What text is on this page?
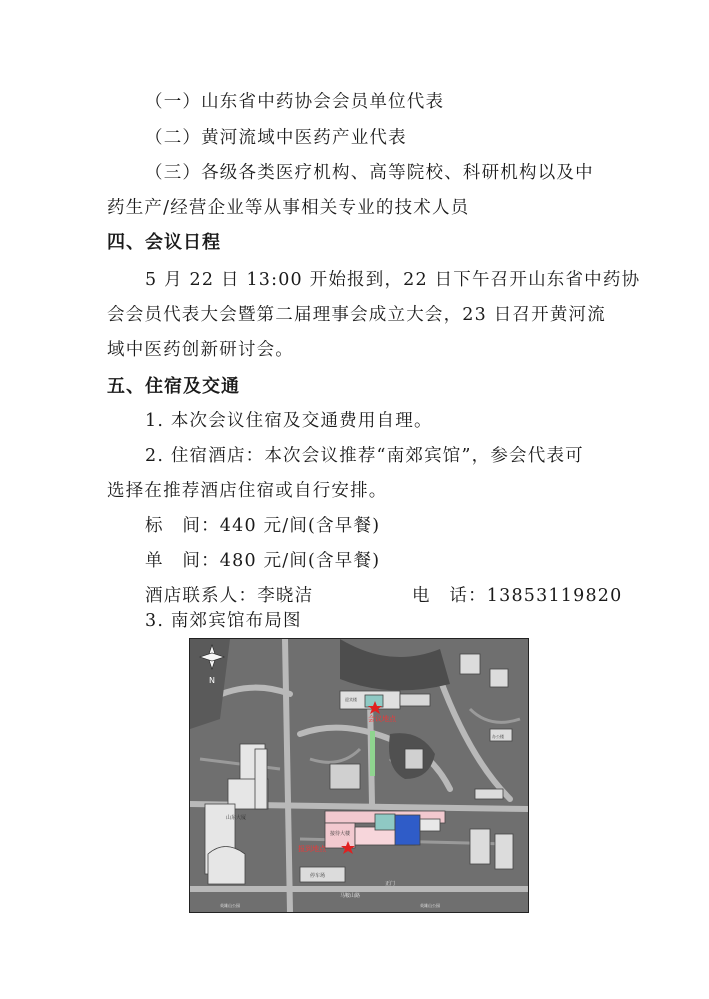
（一）山东省中药协会会员单位代表
（二）黄河流域中医药产业代表
（三）各级各类医疗机构、高等院校、科研机构以及中
药生产/经营企业等从事相关专业的技术人员
四、会议日程
5 月 22 日 13:00 开始报到，22 日下午召开山东省中药协
会会员代表大会暨第二届理事会成立大会，23 日召开黄河流
域中医药创新研讨会。
五、住宿及交通
1. 本次会议住宿及交通费用自理。
2. 住宿酒店：本次会议推荐“南郊宾馆”，参会代表可
选择在推荐酒店住宿或自行安排。
标　间：440 元/间(含早餐)
单　间：480 元/间(含早餐)
酒店联系人：李晓洁	电　话：13853119820
3. 南郊宾馆布局图
N
会议地点
报到地点
接待大楼
山东大厦
停车场
迎宾楼
办公楼
正门
马鞍山路
英雄山公园	英雄山公园
